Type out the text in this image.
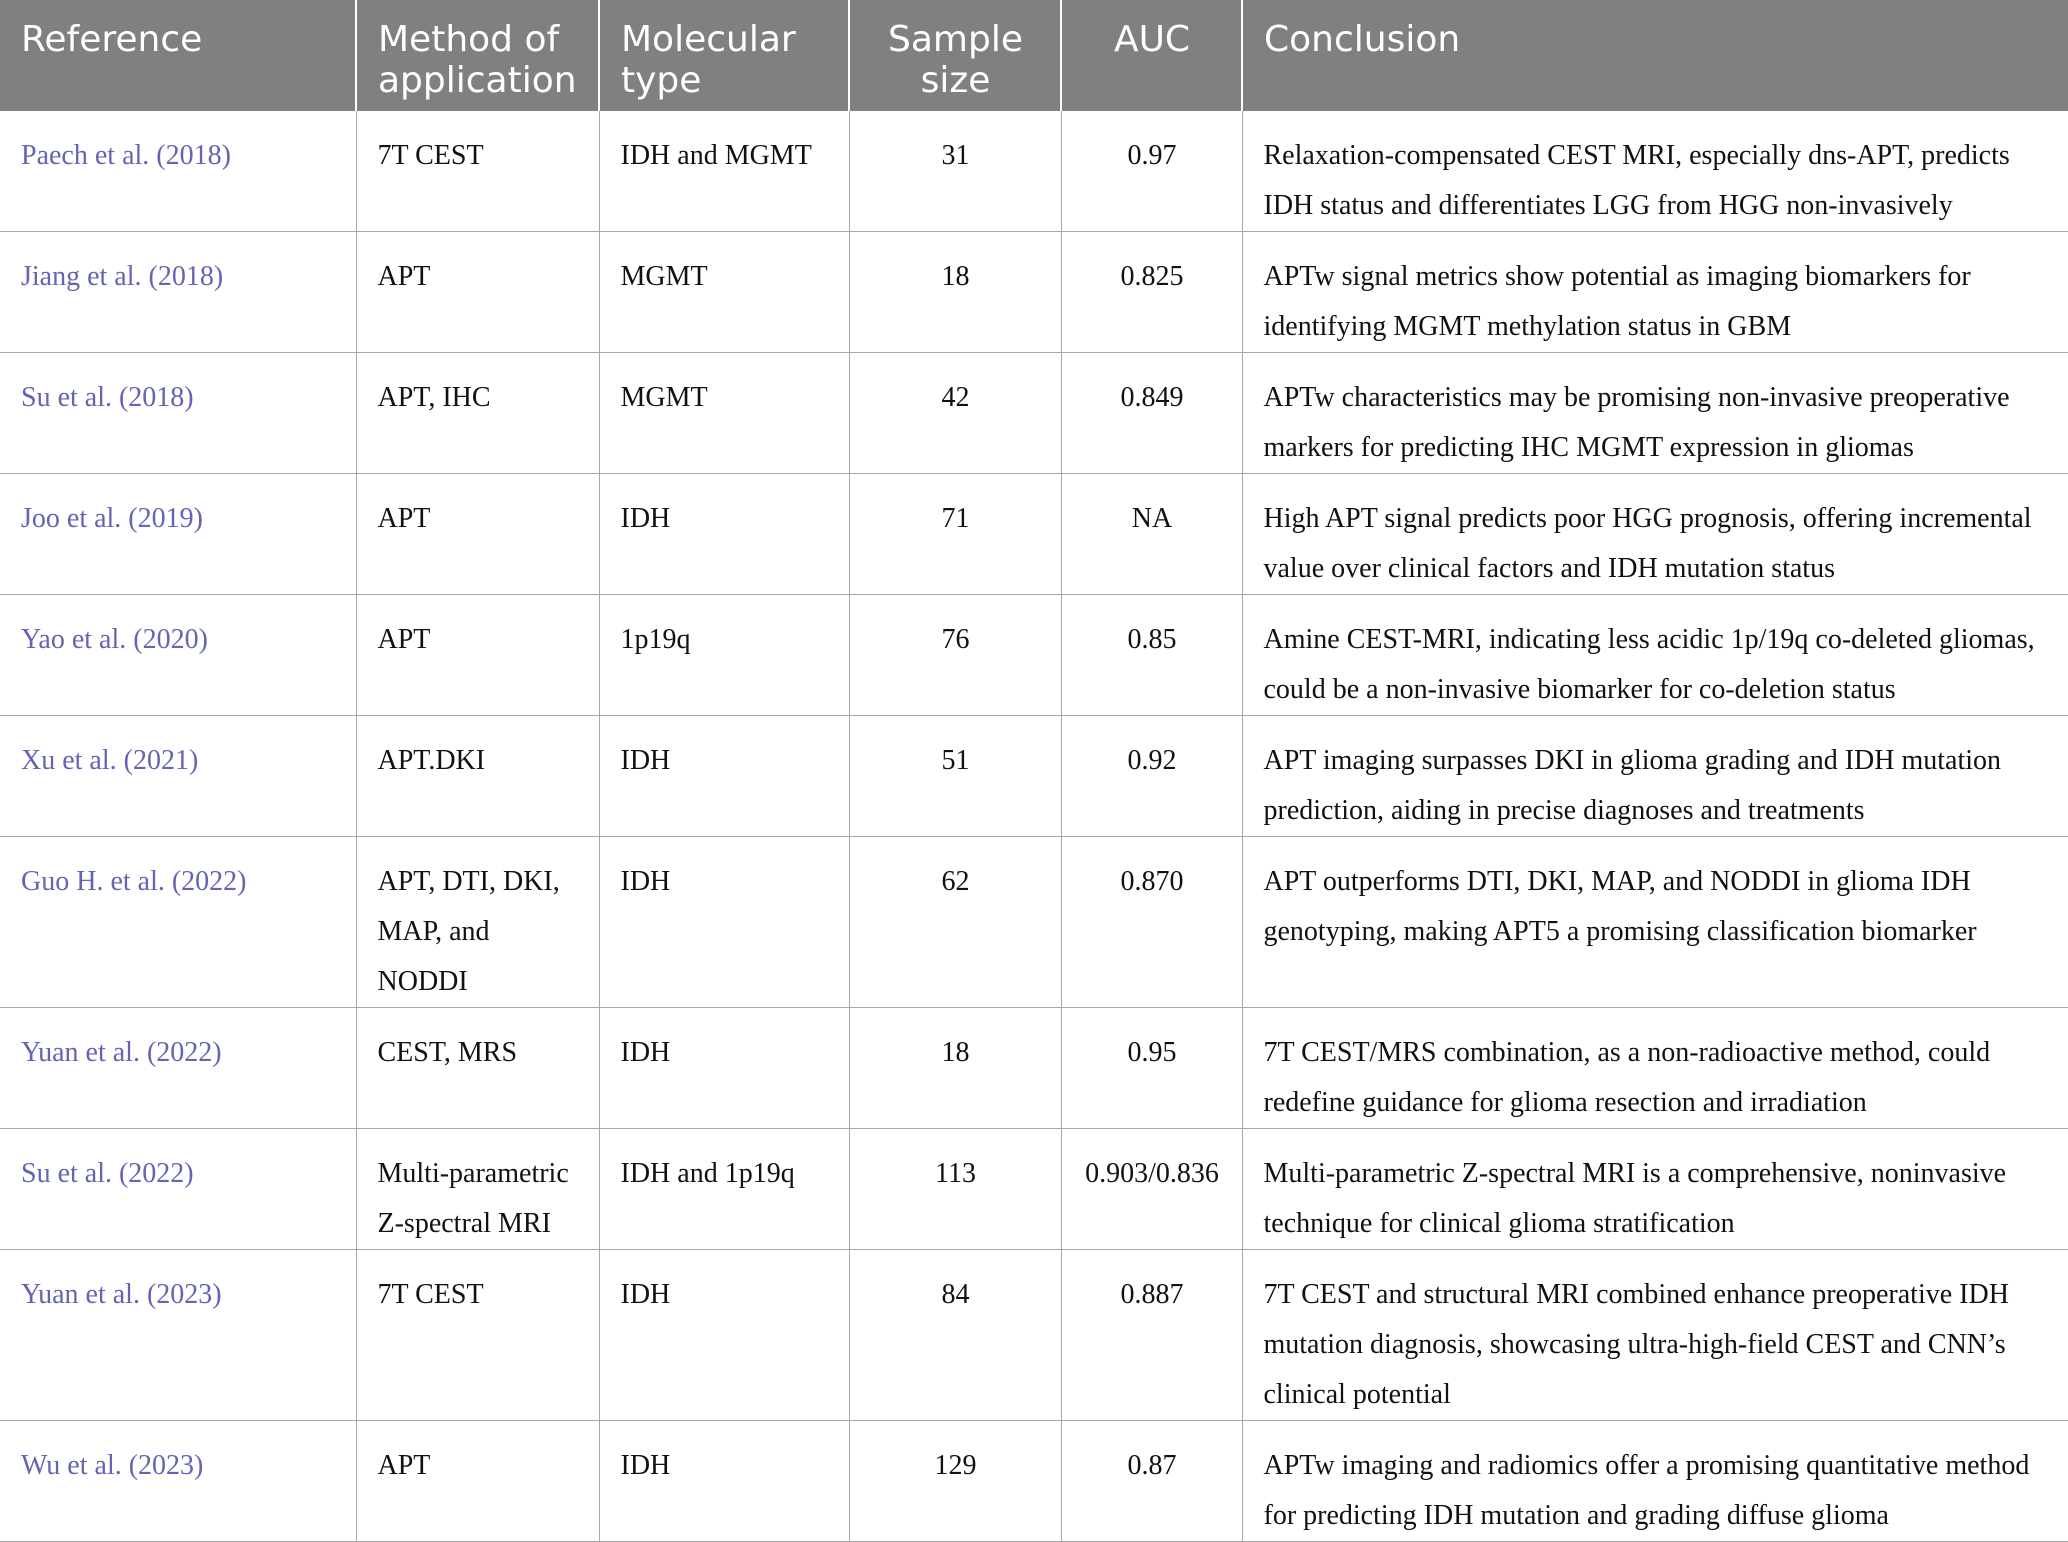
Reference	Method of application	Molecular type	Sample size	AUC	Conclusion
Paech et al. (2018)	7T CEST	IDH and MGMT	31	0.97	Relaxation-compensated CEST MRI, especially dns-APT, predicts IDH status and differentiates LGG from HGG non-invasively
Jiang et al. (2018)	APT	MGMT	18	0.825	APTw signal metrics show potential as imaging biomarkers for identifying MGMT methylation status in GBM
Su et al. (2018)	APT, IHC	MGMT	42	0.849	APTw characteristics may be promising non-invasive preoperative markers for predicting IHC MGMT expression in gliomas
Joo et al. (2019)	APT	IDH	71	NA	High APT signal predicts poor HGG prognosis, offering incremental value over clinical factors and IDH mutation status
Yao et al. (2020)	APT	1p19q	76	0.85	Amine CEST-MRI, indicating less acidic 1p/19q co-deleted gliomas, could be a non-invasive biomarker for co-deletion status
Xu et al. (2021)	APT.DKI	IDH	51	0.92	APT imaging surpasses DKI in glioma grading and IDH mutation prediction, aiding in precise diagnoses and treatments
Guo H. et al. (2022)	APT, DTI, DKI, MAP, and NODDI	IDH	62	0.870	APT outperforms DTI, DKI, MAP, and NODDI in glioma IDH genotyping, making APT5 a promising classification biomarker
Yuan et al. (2022)	CEST, MRS	IDH	18	0.95	7T CEST/MRS combination, as a non-radioactive method, could redefine guidance for glioma resection and irradiation
Su et al. (2022)	Multi-parametric Z-spectral MRI	IDH and 1p19q	113	0.903/0.836	Multi-parametric Z-spectral MRI is a comprehensive, noninvasive technique for clinical glioma stratification
Yuan et al. (2023)	7T CEST	IDH	84	0.887	7T CEST and structural MRI combined enhance preoperative IDH mutation diagnosis, showcasing ultra-high-field CEST and CNN’s clinical potential
Wu et al. (2023)	APT	IDH	129	0.87	APTw imaging and radiomics offer a promising quantitative method for predicting IDH mutation and grading diffuse glioma
